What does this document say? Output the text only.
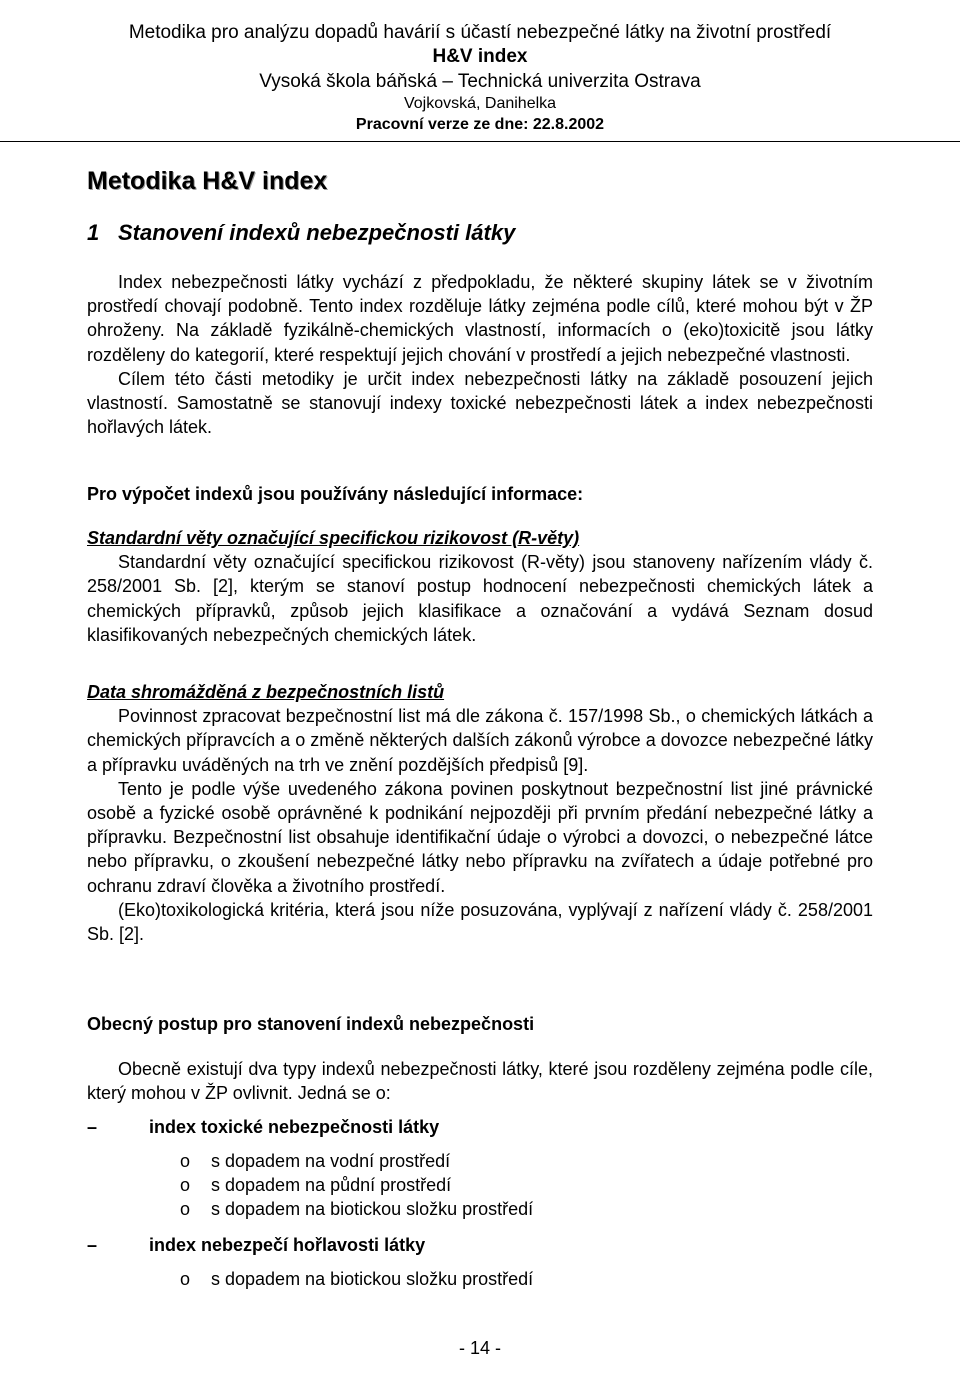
Metodika pro analýzu dopadů havárií s účastí nebezpečné látky na životní prostředí
H&V index
Vysoká škola báňská – Technická univerzita Ostrava
Vojkovská, Danihelka
Pracovní verze ze dne: 22.8.2002
Metodika H&V index
1 Stanovení indexů nebezpečnosti látky

Index nebezpečnosti látky vychází z předpokladu, že některé skupiny látek se v životním prostředí chovají podobně. Tento index rozděluje látky zejména podle cílů, které mohou být v ŽP ohroženy. Na základě fyzikálně-chemických vlastností, informacích o (eko)toxicitě jsou látky rozděleny do kategorií, které respektují jejich chování v prostředí a jejich nebezpečné vlastnosti.

Cílem této části metodiky je určit index nebezpečnosti látky na základě posouzení jejich vlastností. Samostatně se stanovují indexy toxické nebezpečnosti látek a index nebezpečnosti hořlavých látek.

Pro výpočet indexů jsou používány následující informace:

Standardní věty označující specifickou rizikovost (R-věty)

Standardní věty označující specifickou rizikovost (R-věty) jsou stanoveny nařízením vlády č. 258/2001 Sb. [2], kterým se stanoví postup hodnocení nebezpečnosti chemických látek a chemických přípravků, způsob jejich klasifikace a označování a vydává Seznam dosud klasifikovaných nebezpečných chemických látek.

Data shromážděná z bezpečnostních listů

Povinnost zpracovat bezpečnostní list má dle zákona č. 157/1998 Sb., o chemických látkách a chemických přípravcích a o změně některých dalších zákonů výrobce a dovozce nebezpečné látky a přípravku uváděných na trh ve znění pozdějších předpisů [9].

Tento je podle výše uvedeného zákona povinen poskytnout bezpečnostní list jiné právnické osobě a fyzické osobě oprávněné k podnikání nejpozději při prvním předání nebezpečné látky a přípravku. Bezpečnostní list obsahuje identifikační údaje o výrobci a dovozci, o nebezpečné látce nebo přípravku, o zkoušení nebezpečné látky nebo přípravku na zvířatech a údaje potřebné pro ochranu zdraví člověka a životního prostředí.

(Eko)toxikologická kritéria, která jsou níže posuzována, vyplývají z nařízení vlády č. 258/2001 Sb. [2].

Obecný postup pro stanovení indexů nebezpečnosti

Obecně existují dva typy indexů nebezpečnosti látky, které jsou rozděleny zejména podle cíle, který mohou v ŽP ovlivnit. Jedná se o:

–	index toxické nebezpečnosti látky
o s dopadem na vodní prostředí
o s dopadem na půdní prostředí
o s dopadem na biotickou složku prostředí
–	index nebezpečí hořlavosti látky
o s dopadem na biotickou složku prostředí
- 14 -
